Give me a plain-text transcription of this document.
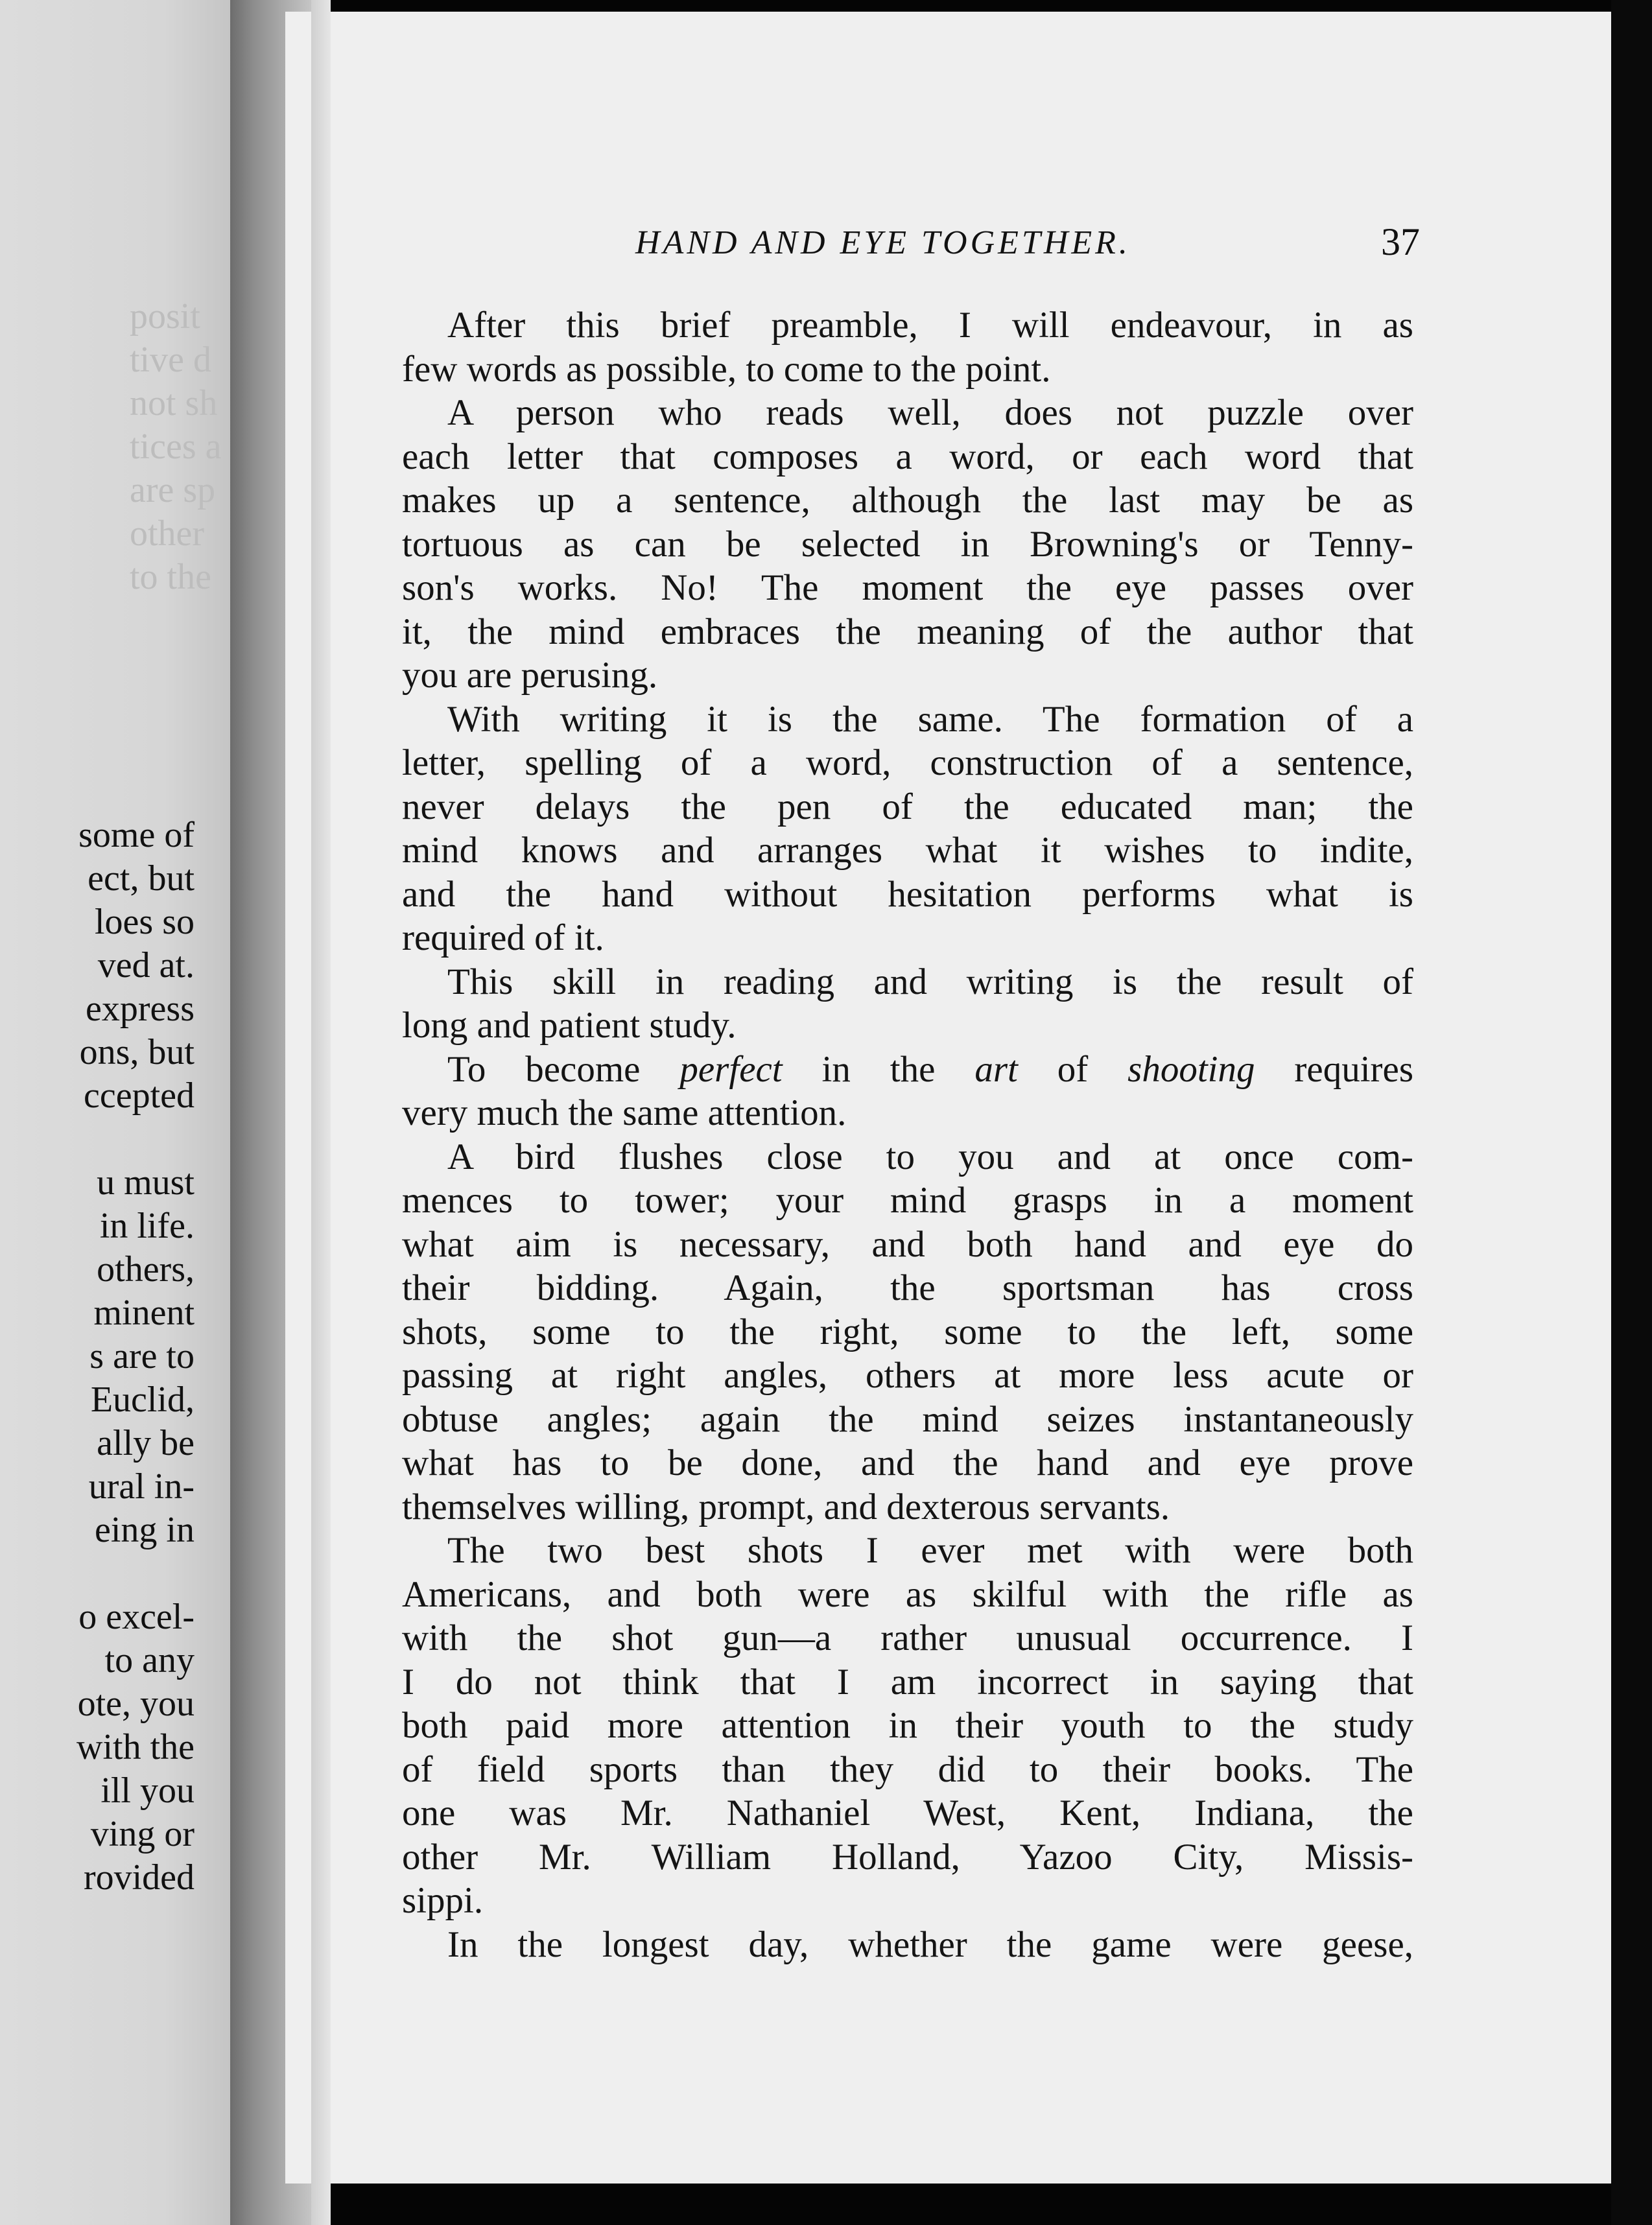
posit
tive d
not sh
tices a
are sp
other
to the
some of
ect, but
loes so
ved at.
express
ons, but
ccepted
u must
in life.
others,
minent
s are to
Euclid,
ally be
ural in-
eing in
o excel-
to any
ote, you
with the
ill you
ving or
rovided
HAND AND EYE TOGETHER.	37
After this brief preamble, I will endeavour, in as
few words as possible, to come to the point.
A person who reads well, does not puzzle over
each letter that composes a word, or each word that
makes up a sentence, although the last may be as
tortuous as can be selected in Browning's or Tenny-
son's works. No! The moment the eye passes over
it, the mind embraces the meaning of the author that
you are perusing.
With writing it is the same. The formation of a
letter, spelling of a word, construction of a sentence,
never delays the pen of the educated man; the
mind knows and arranges what it wishes to indite,
and the hand without hesitation performs what is
required of it.
This skill in reading and writing is the result of
long and patient study.
To become perfect in the art of shooting requires
very much the same attention.
A bird flushes close to you and at once com-
mences to tower; your mind grasps in a moment
what aim is necessary, and both hand and eye do
their bidding. Again, the sportsman has cross
shots, some to the right, some to the left, some
passing at right angles, others at more less acute or
obtuse angles; again the mind seizes instantaneously
what has to be done, and the hand and eye prove
themselves willing, prompt, and dexterous servants.
The two best shots I ever met with were both
Americans, and both were as skilful with the rifle as
with the shot gun—a rather unusual occurrence. I
I do not think that I am incorrect in saying that
both paid more attention in their youth to the study
of field sports than they did to their books. The
one was Mr. Nathaniel West, Kent, Indiana, the
other Mr. William Holland, Yazoo City, Missis-
sippi.
In the longest day, whether the game were geese,
